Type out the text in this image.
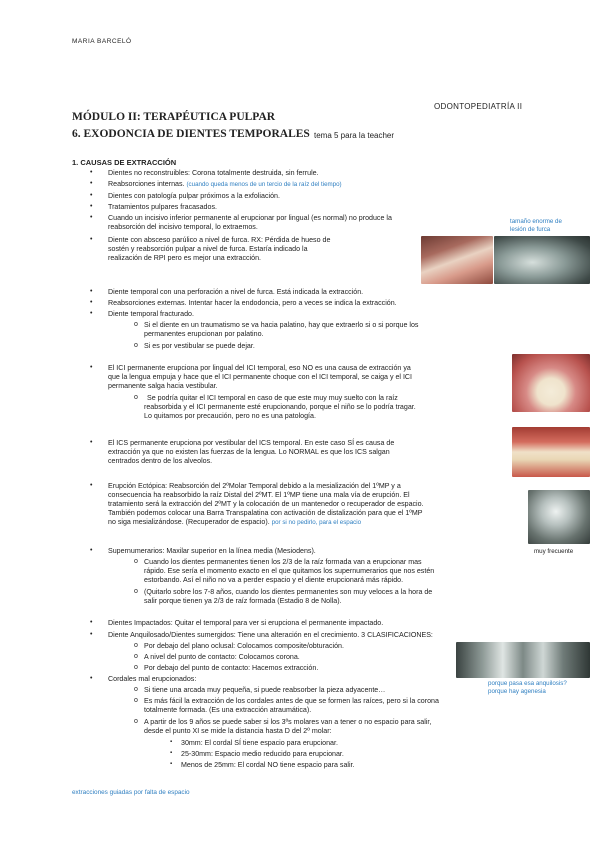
MARIA BARCELÓ
ODONTOPEDIATRÍA II
MÓDULO II: TERAPÉUTICA PULPAR
6. EXODONCIA DE DIENTES TEMPORALES tema 5 para la teacher
1. CAUSAS DE EXTRACCIÓN
•	Dientes no reconstruibles: Corona totalmente destruida, sin ferrule.
•	Reabsorciones internas. (cuando queda menos de un tercio de la raíz del tiempo)
•	Dientes con patología pulpar próximos a la exfoliación.
•	Tratamientos pulpares fracasados.
•	Cuando un incisivo inferior permanente al erupcionar por lingual (es normal) no produce la
reabsorción del incisivo temporal, lo extraemos.
tamaño enorme de
lesión de furca
•	Diente con absceso parúlico a nivel de furca. RX: Pérdida de hueso de
sostén y reabsorción pulpar a nivel de furca. Estaría indicado la
realización de RPI pero es mejor una extracción.
•	Diente temporal con una perforación a nivel de furca. Está indicada la extracción.
•	Reabsorciones externas. Intentar hacer la endodoncia, pero a veces se indica la extracción.
•	Diente temporal fracturado.
o Si el diente en un traumatismo se va hacia palatino, hay que extraerlo si o si porque los
permanentes erupcionan por palatino.
o Si es por vestibular se puede dejar.
•	El ICI permanente erupciona por lingual del ICI temporal, eso NO es una causa de extracción ya
que la lengua empuja y hace que el ICI permanente choque con el ICI temporal, se caiga y el ICI
permanente salga hacia vestibular.
o Se podría quitar el ICI temporal en caso de que este muy muy suelto con la raíz
reabsorbida y el ICI permanente esté erupcionando, porque el niño se lo podría tragar.
Lo quitamos por precaución, pero no es una patología.
•	El ICS permanente erupciona por vestibular del ICS temporal. En este caso SÍ es causa de
extracción ya que no existen las fuerzas de la lengua. Lo NORMAL es que los ICS salgan
centrados dentro de los alveolos.
•	Erupción Ectópica: Reabsorción del 2ºMolar Temporal debido a la mesialización del 1ºMP y a
consecuencia ha reabsorbido la raíz Distal del 2ºMT. El 1ºMP tiene una mala vía de erupción. El
tratamiento será la extracción del 2ºMT y la colocación de un mantenedor o recuperador de espacio.
También podemos colocar una Barra Transpalatina con activación de distalización para que el 1ºMP
no siga mesializándose. (Recuperador de espacio). por si no pedirlo, para el espacio
muy frecuente
•	Supernumerarios: Maxilar superior en la línea media (Mesiodens).
o Cuando los dientes permanentes tienen los 2/3 de la raíz formada van a erupcionar mas
rápido. Ese sería el momento exacto en el que quitamos los supernumerarios que nos estén
estorbando. Así el niño no va a perder espacio y el diente erupcionará más rápido.
o (Quitarlo sobre los 7-8 años, cuando los dientes permanentes son muy veloces a la hora de
salir porque tienen ya 2/3 de raíz formada (Estadio 8 de Nolla).
•	Dientes Impactados: Quitar el temporal para ver si erupciona el permanente impactado.
•	Diente Anquilosado/Dientes sumergidos: Tiene una alteración en el crecimiento. 3 CLASIFICACIONES:
o Por debajo del plano oclusal: Colocamos composite/obturación.
o A nivel del punto de contacto: Colocamos corona.
o Por debajo del punto de contacto: Hacemos extracción.
porque pasa esa anquilosis?
porque hay agenesia
•	Cordales mal erupcionados:
o Si tiene una arcada muy pequeña, si puede reabsorber la pieza adyacente…
o Es más fácil la extracción de los cordales antes de que se formen las raíces, pero si la corona
totalmente formada. (Es una extracción atraumática).
o A partir de los 9 años se puede saber si los 3ºs molares van a tener o no espacio para salir,
desde el punto XI se mide la distancia hasta D del 2º molar:
▪ 30mm: El cordal SÍ tiene espacio para erupcionar.
▪ 25-30mm: Espacio medio reducido para erupcionar.
▪ Menos de 25mm: El cordal NO tiene espacio para salir.
extracciones guiadas por falta de espacio
